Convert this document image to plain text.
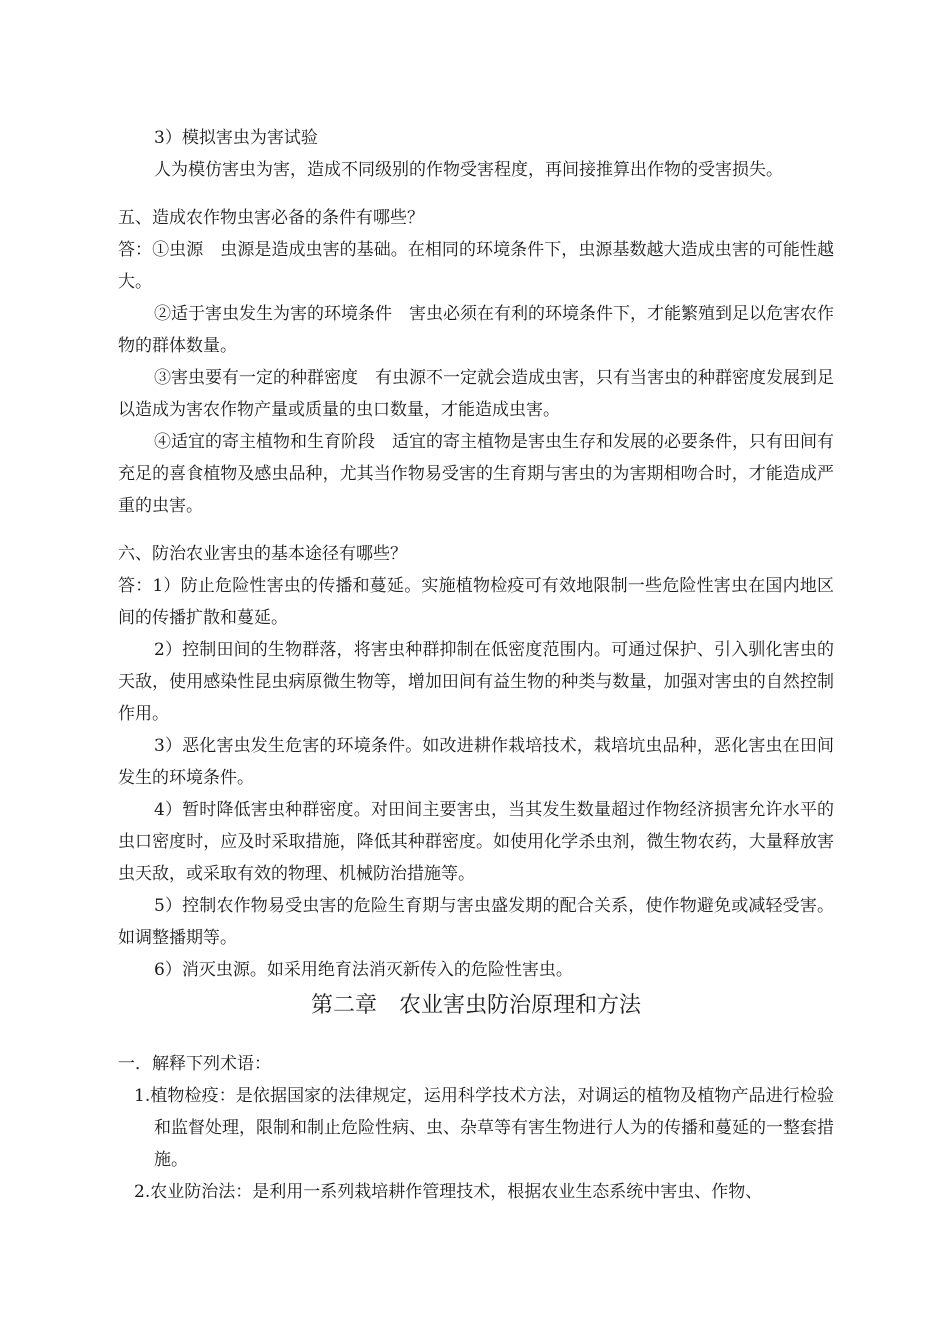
3）模拟害虫为害试验

人为模仿害虫为害，造成不同级别的作物受害程度，再间接推算出作物的受害损失。

五、造成农作物虫害必备的条件有哪些？

答：①虫源　虫源是造成虫害的基础。在相同的环境条件下，虫源基数越大造成虫害的可能性越大。

②适于害虫发生为害的环境条件　害虫必须在有利的环境条件下，才能繁殖到足以危害农作物的群体数量。

③害虫要有一定的种群密度　有虫源不一定就会造成虫害，只有当害虫的种群密度发展到足以造成为害农作物产量或质量的虫口数量，才能造成虫害。

④适宜的寄主植物和生育阶段　适宜的寄主植物是害虫生存和发展的必要条件，只有田间有充足的喜食植物及感虫品种，尤其当作物易受害的生育期与害虫的为害期相吻合时，才能造成严重的虫害。

六、防治农业害虫的基本途径有哪些？

答：1）防止危险性害虫的传播和蔓延。实施植物检疫可有效地限制一些危险性害虫在国内地区间的传播扩散和蔓延。

2）控制田间的生物群落，将害虫种群抑制在低密度范围内。可通过保护、引入驯化害虫的天敌，使用感染性昆虫病原微生物等，增加田间有益生物的种类与数量，加强对害虫的自然控制作用。

3）恶化害虫发生危害的环境条件。如改进耕作栽培技术，栽培坑虫品种，恶化害虫在田间发生的环境条件。

4）暂时降低害虫种群密度。对田间主要害虫，当其发生数量超过作物经济损害允许水平的虫口密度时，应及时采取措施，降低其种群密度。如使用化学杀虫剂，微生物农药，大量释放害虫天敌，或采取有效的物理、机械防治措施等。

5）控制农作物易受虫害的危险生育期与害虫盛发期的配合关系，使作物避免或减轻受害。如调整播期等。

6）消灭虫源。如采用绝育法消灭新传入的危险性害虫。

第二章　农业害虫防治原理和方法

一．解释下列术语：

1.植物检疫：是依据国家的法律规定，运用科学技术方法，对调运的植物及植物产品进行检验和监督处理，限制和制止危险性病、虫、杂草等有害生物进行人为的传播和蔓延的一整套措施。
2.农业防治法：是利用一系列栽培耕作管理技术，根据农业生态系统中害虫、作物、
